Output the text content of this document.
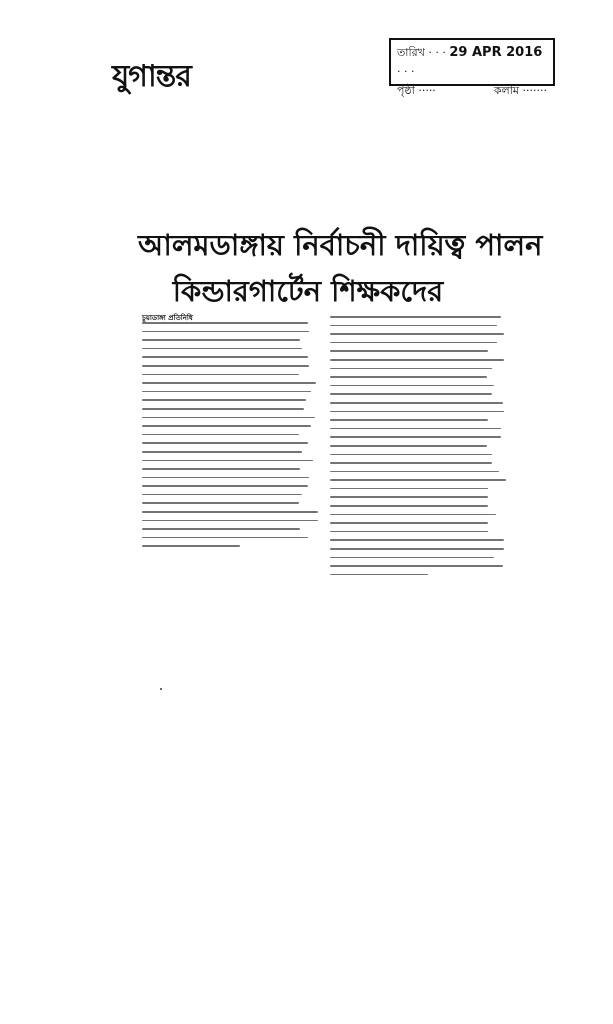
যুগান্তর
তারিখ · · · 29 APR 2016 · · ·
পৃষ্ঠা ·····	কলাম ·······
আলমডাঙ্গায় নির্বাচনী দায়িত্ব পালন
কিন্ডারগার্টেন শিক্ষকদের
চুয়াডাঙ্গা প্রতিনিধি
